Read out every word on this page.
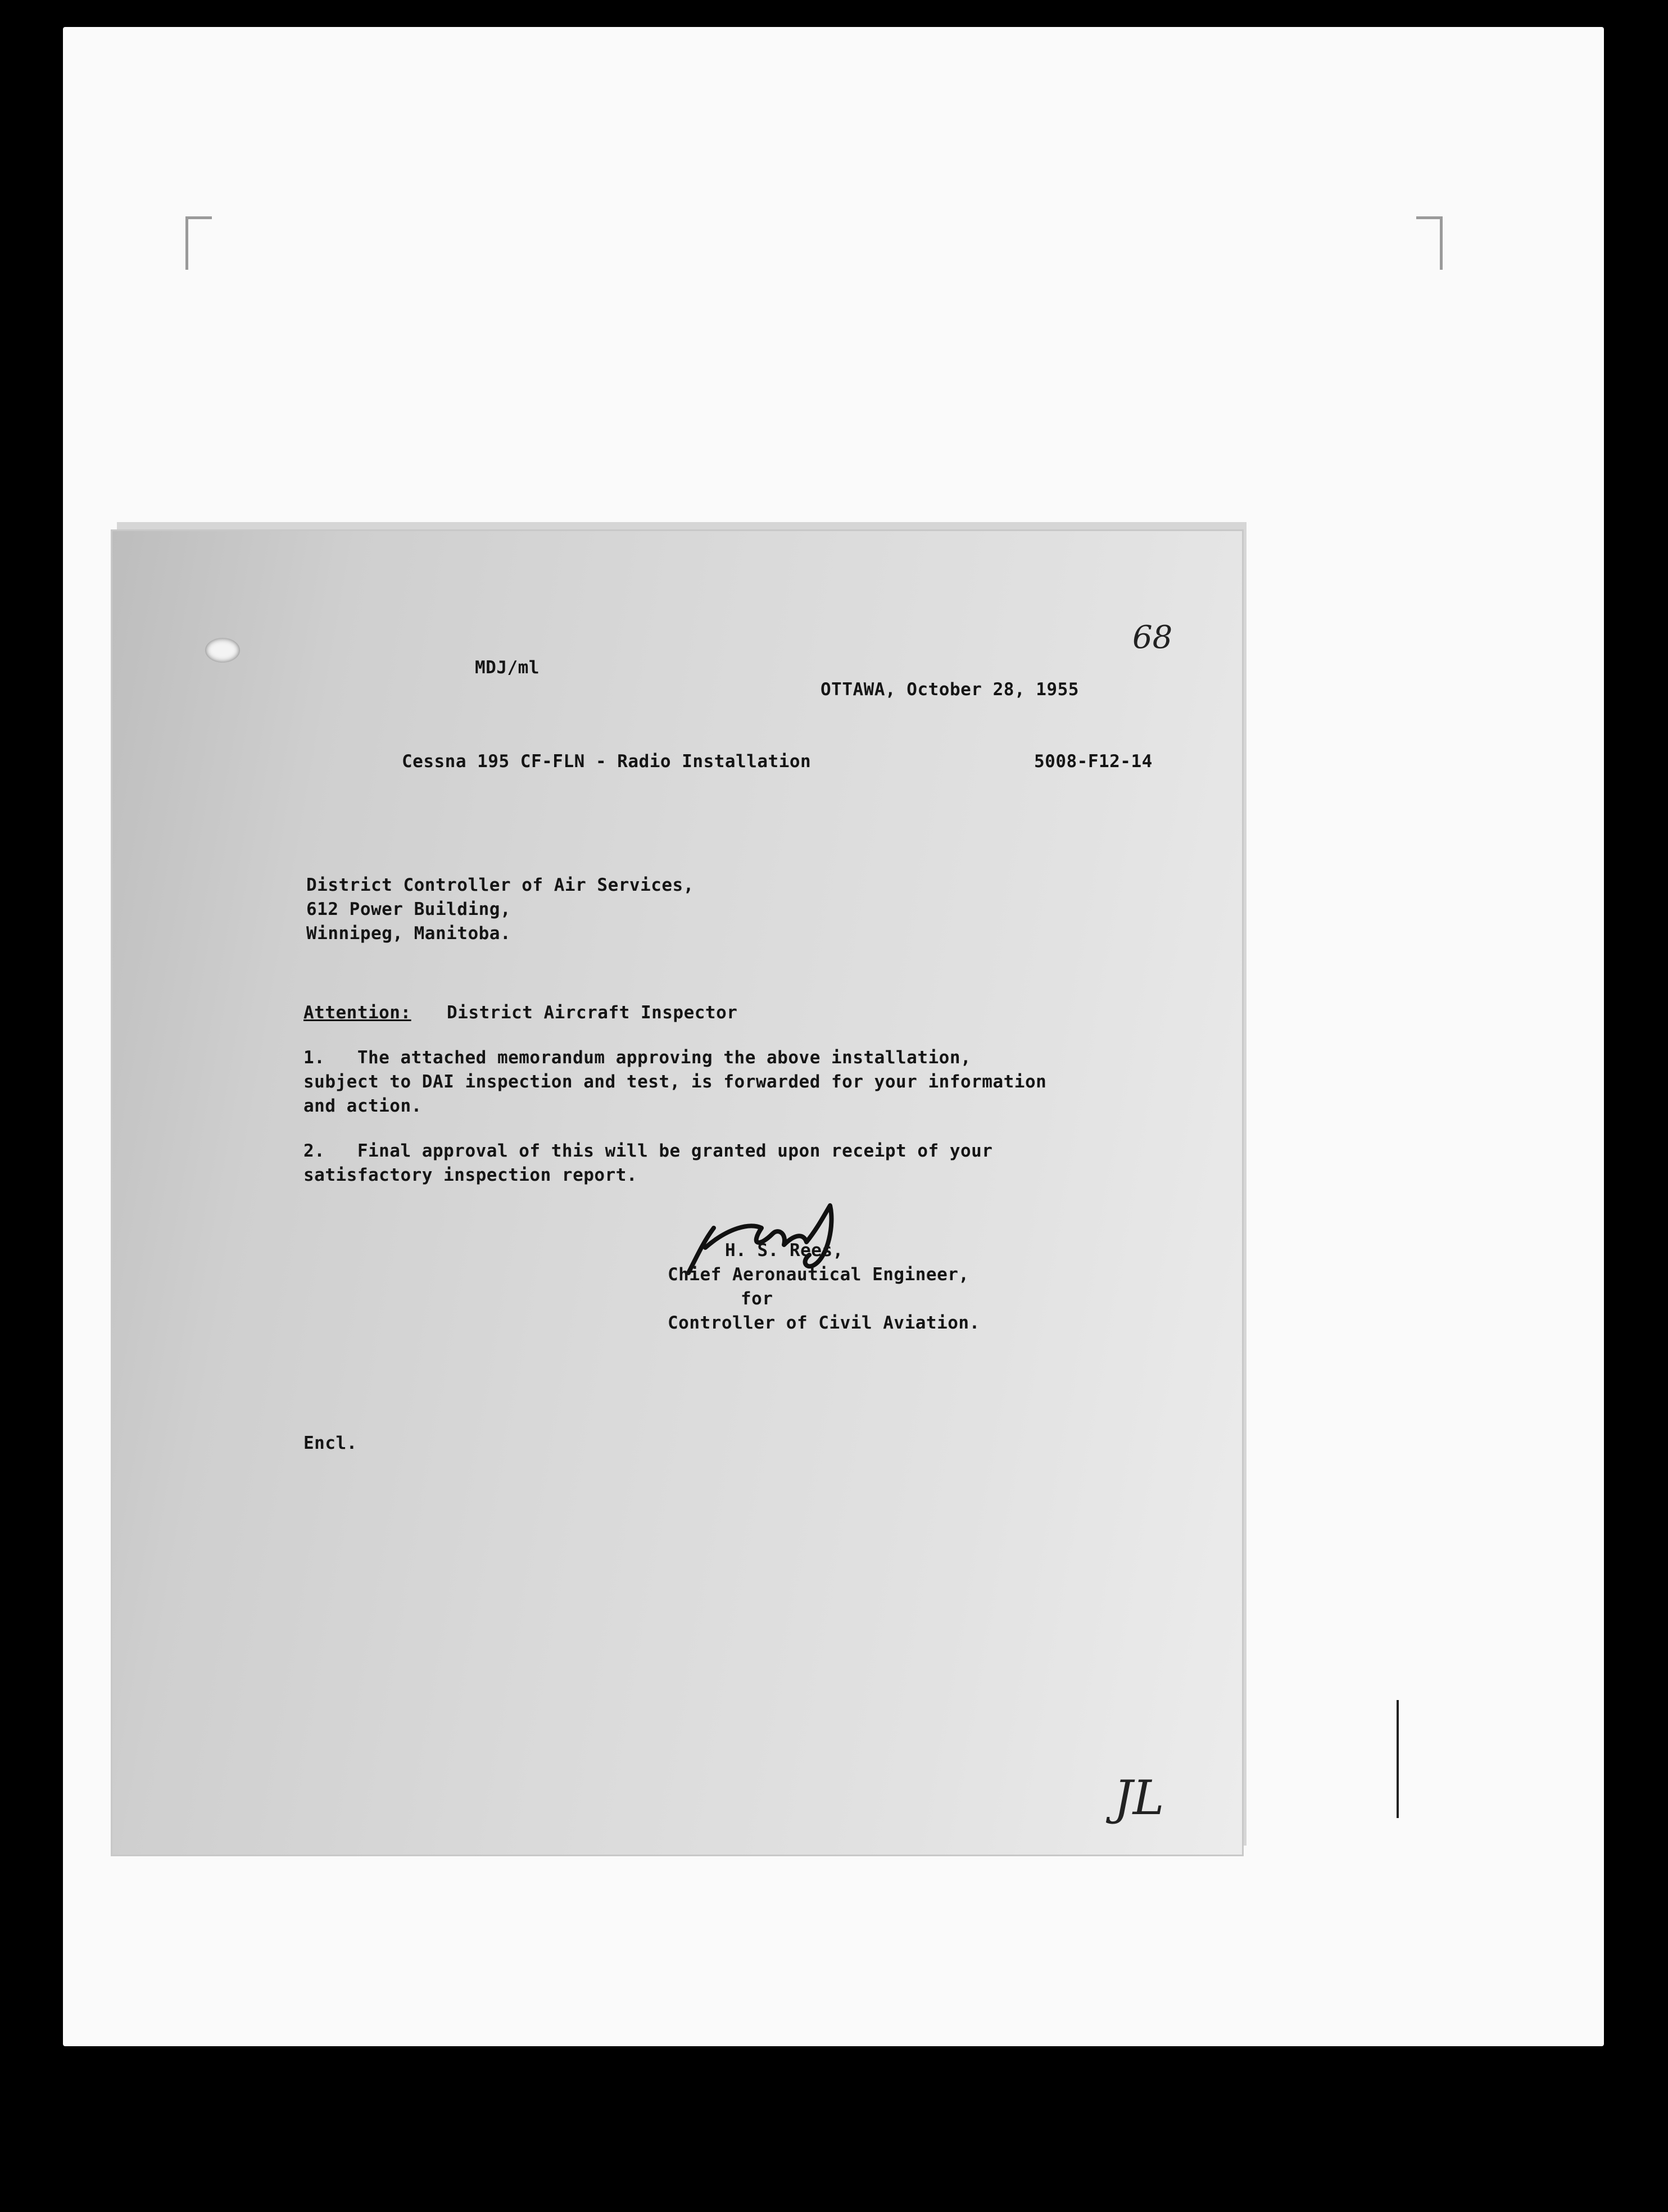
MDJ/ml
68
OTTAWA, October 28, 1955
Cessna 195 CF-FLN - Radio Installation	5008-F12-14
District Controller of Air Services,
612 Power Building,
Winnipeg, Manitoba.
Attention: District Aircraft Inspector
1.   The attached memorandum approving the above installation,
subject to DAI inspection and test, is forwarded for your information
and action.
2.   Final approval of this will be granted upon receipt of your
satisfactory inspection report.
H. S. Rees,
Chief Aeronautical Engineer,
for
Controller of Civil Aviation.
Encl.
JL
